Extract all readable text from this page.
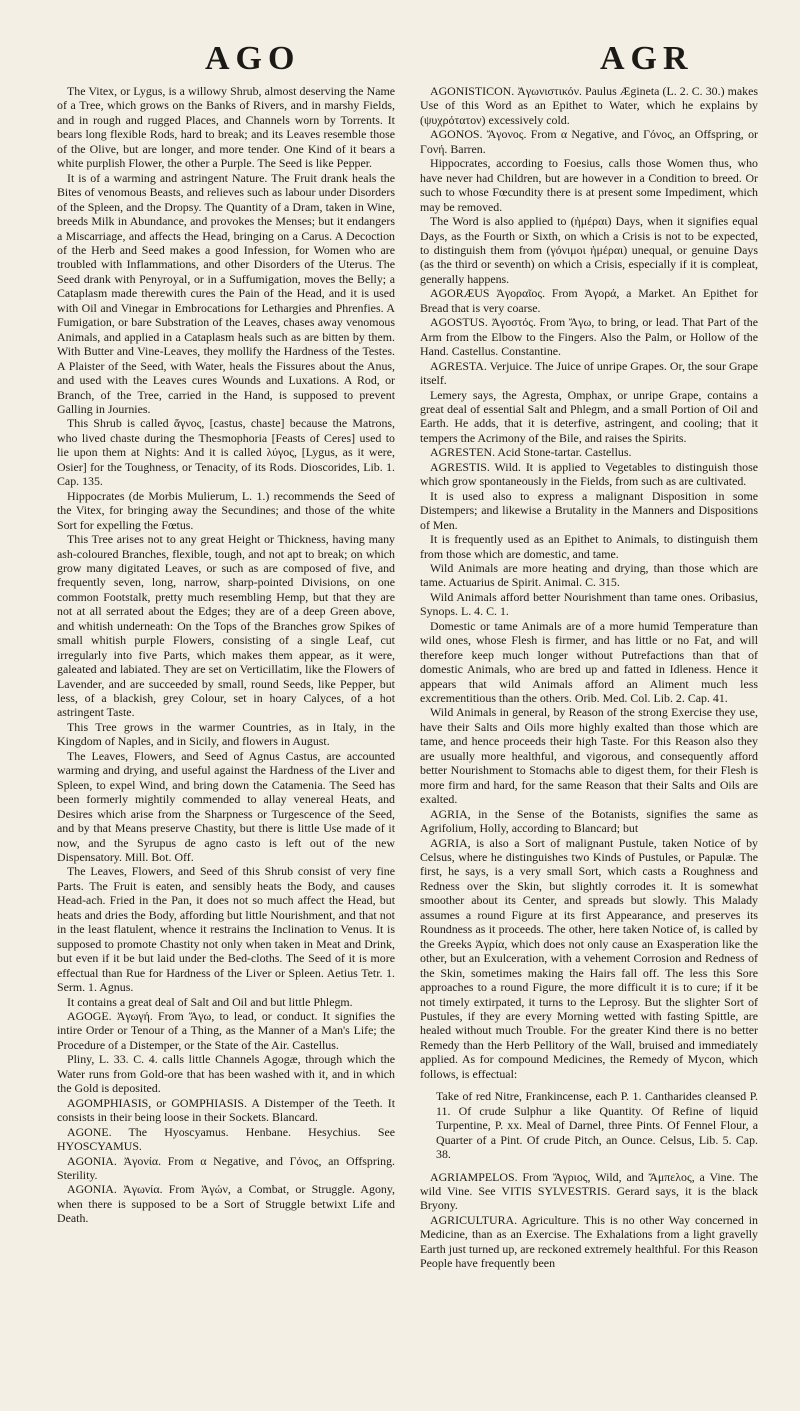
AGO	AGR

The Vitex, or Lygus, is a willowy Shrub, almost deserving the Name of a Tree, which grows on the Banks of Rivers, and in marshy Fields, and in rough and rugged Places, and Channels worn by Torrents. It bears long flexible Rods, hard to break; and its Leaves resemble those of the Olive, but are longer, and more tender. One Kind of it bears a white purplish Flower, the other a Purple. The Seed is like Pepper.

It is of a warming and astringent Nature. The Fruit drank heals the Bites of venomous Beasts, and relieves such as labour under Disorders of the Spleen, and the Dropsy. The Quantity of a Dram, taken in Wine, breeds Milk in Abundance, and provokes the Menses; but it endangers a Miscarriage, and affects the Head, bringing on a Carus. A Decoction of the Herb and Seed makes a good Infession, for Women who are troubled with Inflammations, and other Disorders of the Uterus. The Seed drank with Penyroyal, or in a Suffumigation, moves the Belly; a Cataplasm made therewith cures the Pain of the Head, and it is used with Oil and Vinegar in Embrocations for Lethargies and Phrenfies. A Fumigation, or bare Substration of the Leaves, chases away venomous Animals, and applied in a Cataplasm heals such as are bitten by them. With Butter and Vine-Leaves, they mollify the Hardness of the Testes. A Plaister of the Seed, with Water, heals the Fissures about the Anus, and used with the Leaves cures Wounds and Luxations. A Rod, or Branch, of the Tree, carried in the Hand, is supposed to prevent Galling in Journies.

This Shrub is called ἄγνος, [castus, chaste] because the Matrons, who lived chaste during the Thesmophoria [Feasts of Ceres] used to lie upon them at Nights: And it is called λύγος, [Lygus, as it were, Osier] for the Toughness, or Tenacity, of its Rods. Dioscorides, Lib. 1. Cap. 135.

Hippocrates (de Morbis Mulierum, L. 1.) recommends the Seed of the Vitex, for bringing away the Secundines; and those of the white Sort for expelling the Fœtus.

This Tree arises not to any great Height or Thickness, having many ash-coloured Branches, flexible, tough, and not apt to break; on which grow many digitated Leaves, or such as are composed of five, and frequently seven, long, narrow, sharp-pointed Divisions, on one common Footstalk, pretty much resembling Hemp, but that they are not at all serrated about the Edges; they are of a deep Green above, and whitish underneath: On the Tops of the Branches grow Spikes of small whitish purple Flowers, consisting of a single Leaf, cut irregularly into five Parts, which makes them appear, as it were, galeated and labiated. They are set on Verticillatim, like the Flowers of Lavender, and are succeeded by small, round Seeds, like Pepper, but less, of a blackish, grey Colour, set in hoary Calyces, of a hot astringent Taste.

This Tree grows in the warmer Countries, as in Italy, in the Kingdom of Naples, and in Sicily, and flowers in August.

The Leaves, Flowers, and Seed of Agnus Castus, are accounted warming and drying, and useful against the Hardness of the Liver and Spleen, to expel Wind, and bring down the Catamenia. The Seed has been formerly mightily commended to allay venereal Heats, and Desires which arise from the Sharpness or Turgescence of the Seed, and by that Means preserve Chastity, but there is little Use made of it now, and the Syrupus de agno casto is left out of the new Dispensatory. Mill. Bot. Off.

The Leaves, Flowers, and Seed of this Shrub consist of very fine Parts. The Fruit is eaten, and sensibly heats the Body, and causes Head-ach. Fried in the Pan, it does not so much affect the Head, but heats and dries the Body, affording but little Nourishment, and that not in the least flatulent, whence it restrains the Inclination to Venus. It is supposed to promote Chastity not only when taken in Meat and Drink, but even if it be but laid under the Bed-cloths. The Seed of it is more effectual than Rue for Hardness of the Liver or Spleen. Aetius Tetr. 1. Serm. 1. Agnus.

It contains a great deal of Salt and Oil and but little Phlegm.

AGOGE. Ἀγωγή. From Ἄγω, to lead, or conduct. It signifies the intire Order or Tenour of a Thing, as the Manner of a Man's Life; the Procedure of a Distemper, or the State of the Air. Castellus.

Pliny, L. 33. C. 4. calls little Channels Agogæ, through which the Water runs from Gold-ore that has been washed with it, and in which the Gold is deposited.

AGOMPHIASIS, or GOMPHIASIS. A Distemper of the Teeth. It consists in their being loose in their Sockets. Blancard.

AGONE. The Hyoscyamus. Henbane. Hesychius. See HYOSCYAMUS.

AGONIA. Ἀγονία. From α Negative, and Γόνος, an Offspring. Sterility.

AGONIA. Ἀγωνία. From Ἀγών, a Combat, or Struggle. Agony, when there is supposed to be a Sort of Struggle betwixt Life and Death.

AGONISTICON. Ἀγωνιστικόν. Paulus Ægineta (L. 2. C. 30.) makes Use of this Word as an Epithet to Water, which he explains by (ψυχρότατον) excessively cold.

AGONOS. Ἄγονος. From α Negative, and Γόνος, an Offspring, or Γονή. Barren.

Hippocrates, according to Foesius, calls those Women thus, who have never had Children, but are however in a Condition to breed. Or such to whose Fœcundity there is at present some Impediment, which may be removed.

The Word is also applied to (ἡμέραι) Days, when it signifies equal Days, as the Fourth or Sixth, on which a Crisis is not to be expected, to distinguish them from (γόνιμοι ἡμέραι) unequal, or genuine Days (as the third or seventh) on which a Crisis, especially if it is compleat, generally happens.

AGORÆUS Ἀγοραῖος. From Ἀγορά, a Market. An Epithet for Bread that is very coarse.

AGOSTUS. Ἀγοστός. From Ἄγω, to bring, or lead. That Part of the Arm from the Elbow to the Fingers. Also the Palm, or Hollow of the Hand. Castellus. Constantine.

AGRESTA. Verjuice. The Juice of unripe Grapes. Or, the sour Grape itself.

Lemery says, the Agresta, Omphax, or unripe Grape, contains a great deal of essential Salt and Phlegm, and a small Portion of Oil and Earth. He adds, that it is deterfive, astringent, and cooling; that it tempers the Acrimony of the Bile, and raises the Spirits.

AGRESTEN. Acid Stone-tartar. Castellus.

AGRESTIS. Wild. It is applied to Vegetables to distinguish those which grow spontaneously in the Fields, from such as are cultivated.

It is used also to express a malignant Disposition in some Distempers; and likewise a Brutality in the Manners and Dispositions of Men.

It is frequently used as an Epithet to Animals, to distinguish them from those which are domestic, and tame.

Wild Animals are more heating and drying, than those which are tame. Actuarius de Spirit. Animal. C. 315.

Wild Animals afford better Nourishment than tame ones. Oribasius, Synops. L. 4. C. 1.

Domestic or tame Animals are of a more humid Temperature than wild ones, whose Flesh is firmer, and has little or no Fat, and will therefore keep much longer without Putrefactions than that of domestic Animals, who are bred up and fatted in Idleness. Hence it appears that wild Animals afford an Aliment much less excrementitious than the others. Orib. Med. Col. Lib. 2. Cap. 41.

Wild Animals in general, by Reason of the strong Exercise they use, have their Salts and Oils more highly exalted than those which are tame, and hence proceeds their high Taste. For this Reason also they are usually more healthful, and vigorous, and consequently afford better Nourishment to Stomachs able to digest them, for their Flesh is more firm and hard, for the same Reason that their Salts and Oils are exalted.

AGRIA, in the Sense of the Botanists, signifies the same as Agrifolium, Holly, according to Blancard; but

AGRIA, is also a Sort of malignant Pustule, taken Notice of by Celsus, where he distinguishes two Kinds of Pustules, or Papulæ. The first, he says, is a very small Sort, which casts a Roughness and Redness over the Skin, but slightly corrodes it. It is somewhat smoother about its Center, and spreads but slowly. This Malady assumes a round Figure at its first Appearance, and preserves its Roundness as it proceeds. The other, here taken Notice of, is called by the Greeks Ἀγρία, which does not only cause an Exasperation like the other, but an Exulceration, with a vehement Corrosion and Redness of the Skin, sometimes making the Hairs fall off. The less this Sore approaches to a round Figure, the more difficult it is to cure; if it be not timely extirpated, it turns to the Leprosy. But the slighter Sort of Pustules, if they are every Morning wetted with fasting Spittle, are healed without much Trouble. For the greater Kind there is no better Remedy than the Herb Pellitory of the Wall, bruised and immediately applied. As for compound Medicines, the Remedy of Mycon, which follows, is effectual:

Take of red Nitre, Frankincense, each P. 1. Cantharides cleansed P. 11. Of crude Sulphur a like Quantity. Of Refine of liquid Turpentine, P. xx. Meal of Darnel, three Pints. Of Fennel Flour, a Quarter of a Pint. Of crude Pitch, an Ounce. Celsus, Lib. 5. Cap. 38.

AGRIAMPELOS. From Ἄγριος, Wild, and Ἄμπελος, a Vine. The wild Vine. See VITIS SYLVESTRIS. Gerard says, it is the black Bryony.

AGRICULTURA. Agriculture. This is no other Way concerned in Medicine, than as an Exercise. The Exhalations from a light gravelly Earth just turned up, are reckoned extremely healthful. For this Reason People have frequently been
